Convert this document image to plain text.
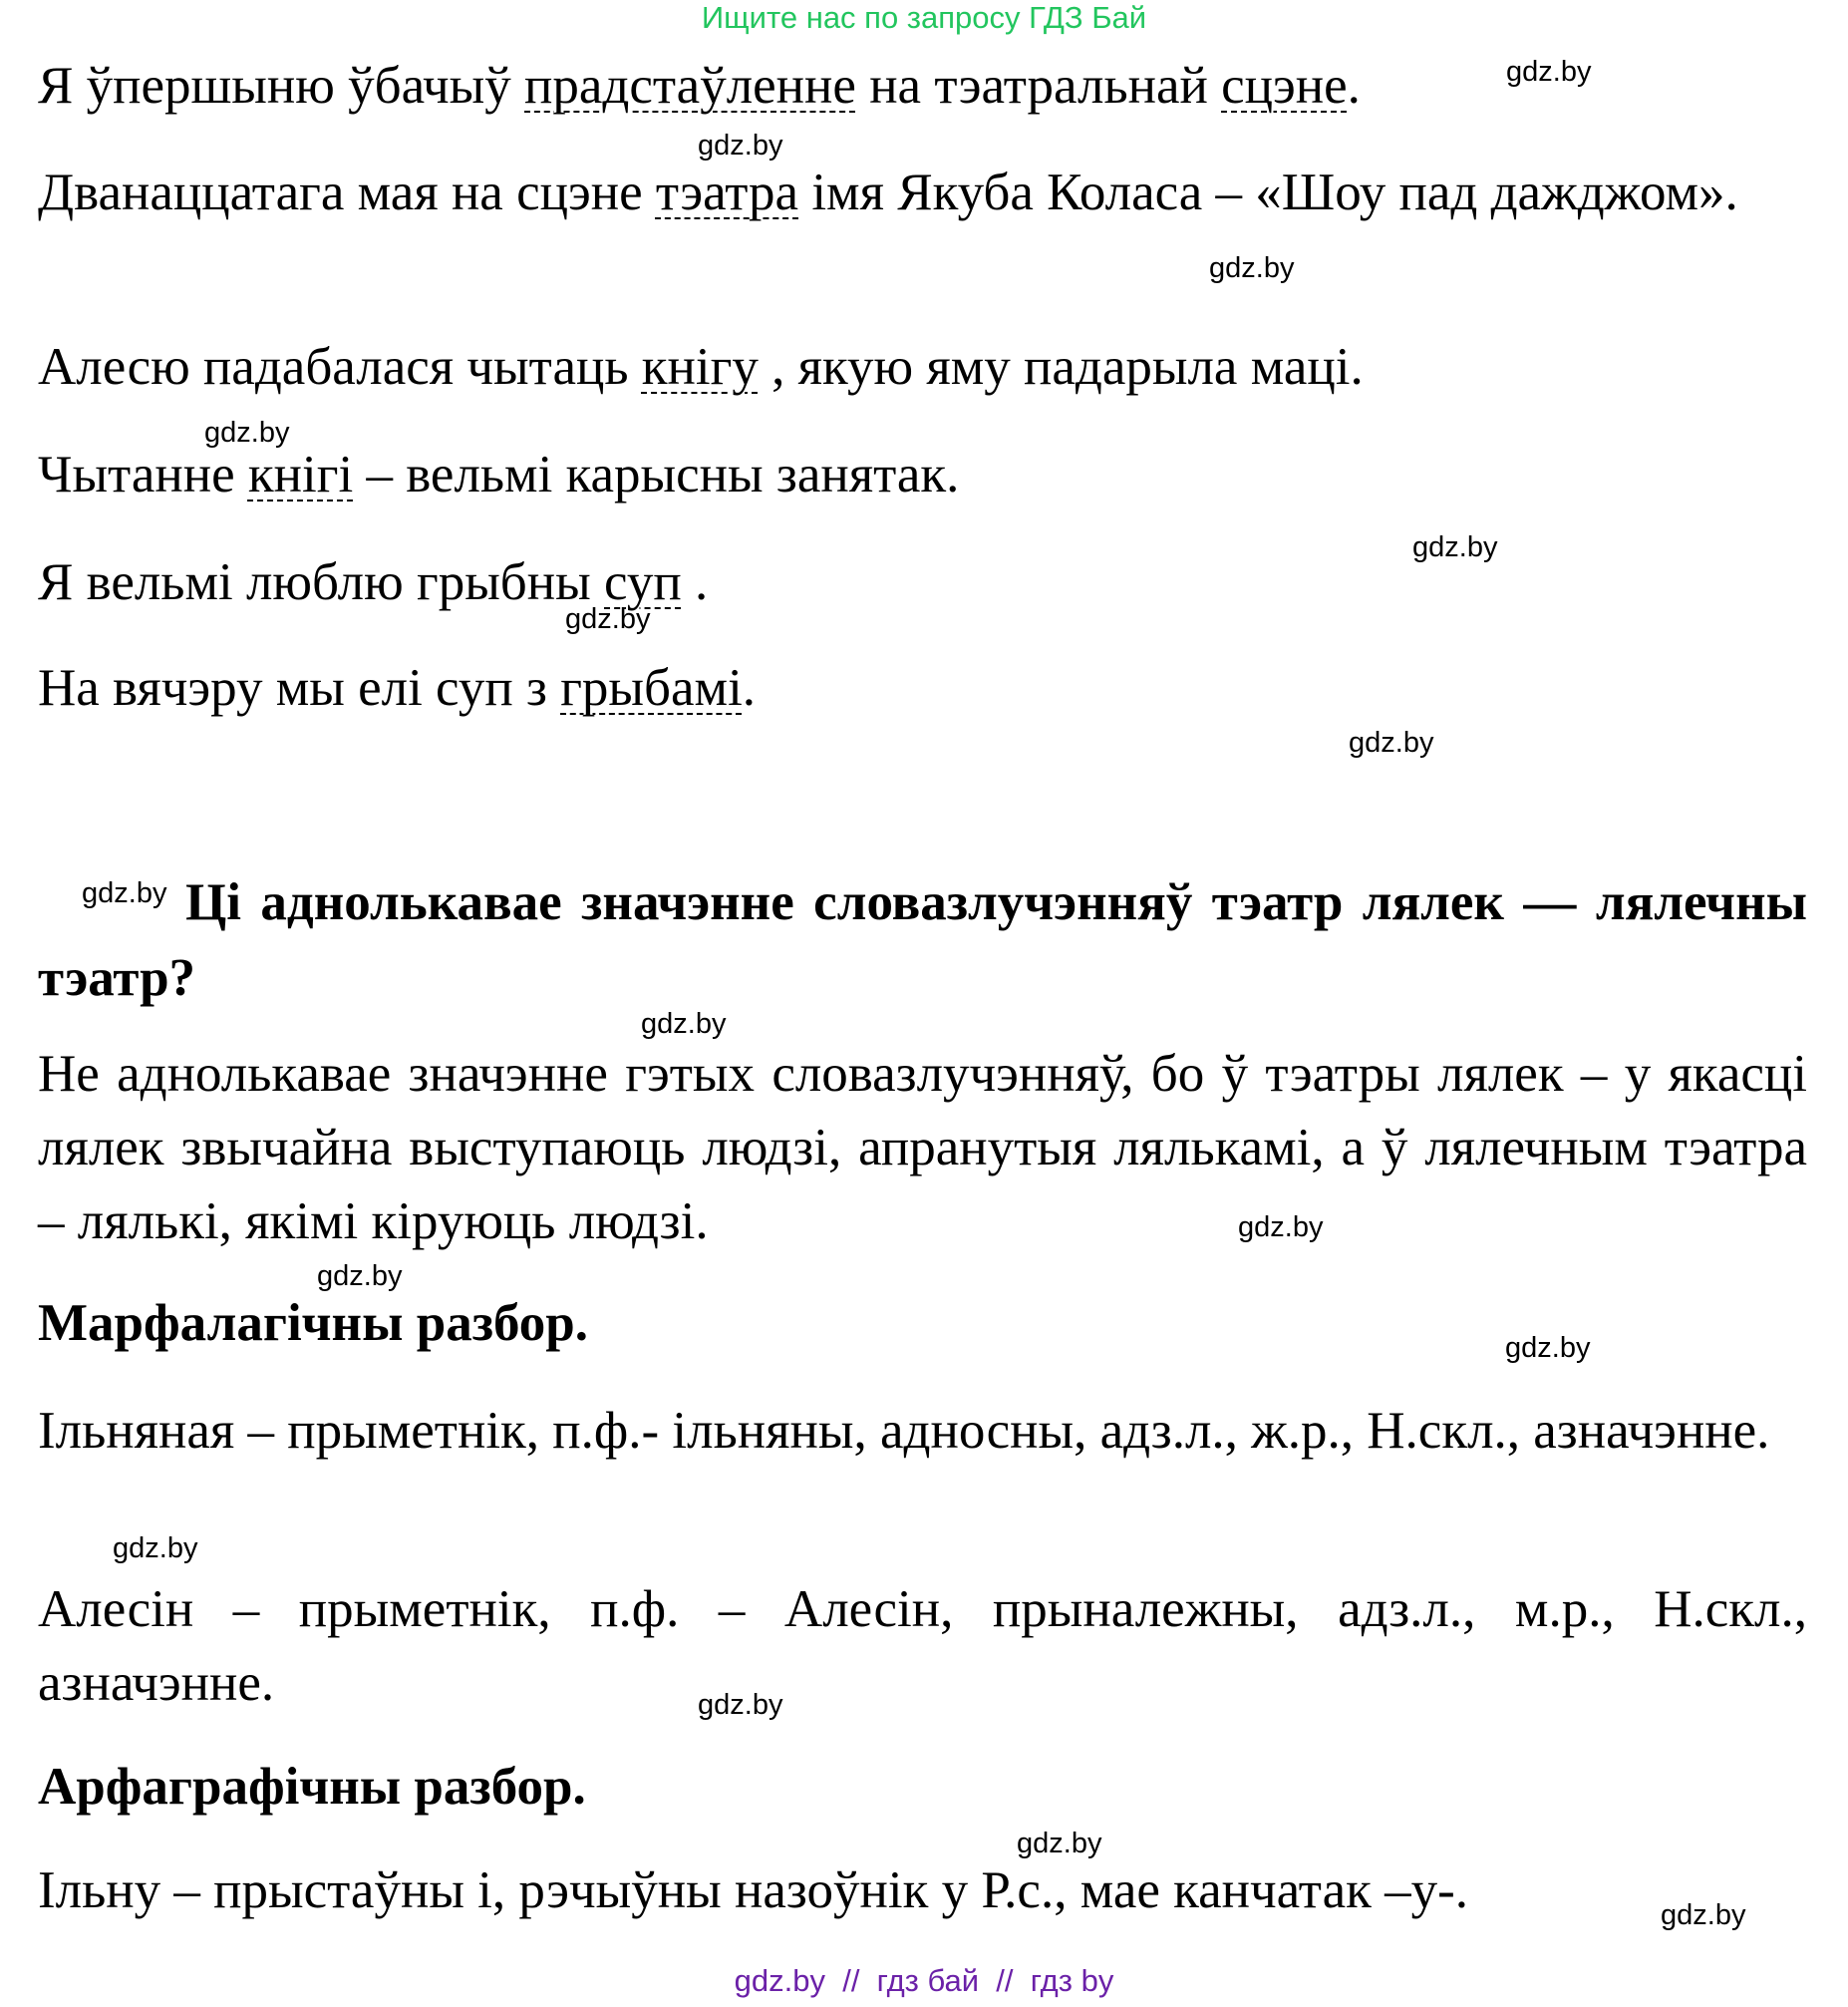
Ищите нас по запросу ГДЗ Бай
Я ўпершыню ўбачыў прадстаўленне на тэатральнай сцэне.	gdz.by
gdz.by
Дванаццатага мая на сцэне тэатра імя Якуба Коласа – «Шоу пад дажджом».
gdz.by
Алесю падабалася чытаць кнігу , якую яму падарыла маці.
gdz.by
Чытанне кнігі – вельмі карысны занятак.
gdz.by
Я вельмі люблю грыбны суп .
gdz.by
На вячэру мы елі суп з грыбамі.
gdz.by
gdz.by Ці аднолькавае значэнне словазлучэнняў тэатр лялек — лялечны тэатр?
gdz.by
Не аднолькавае значэнне гэтых словазлучэнняў, бо ў тэатры лялек – у якасці лялек звычайна выступаюць людзі, апранутыя лялькамі, а ў лялечным тэатра – лялькі, якімі кіруюць людзі.	gdz.by
gdz.by
Марфалагічны разбор.	gdz.by
Ільняная – прыметнік, п.ф.- ільняны, адносны, адз.л., ж.р., Н.скл., азначэнне.
gdz.by
Алесін – прыметнік, п.ф. – Алесін, прыналежны, адз.л., м.р., Н.скл., азначэнне.	gdz.by
Арфаграфічны разбор.
gdz.by
Ільну – прыстаўны і, рэчыўны назоўнік у Р.с., мае канчатак –у-.	gdz.by
gdz.by  //  гдз бай  //  гдз by
